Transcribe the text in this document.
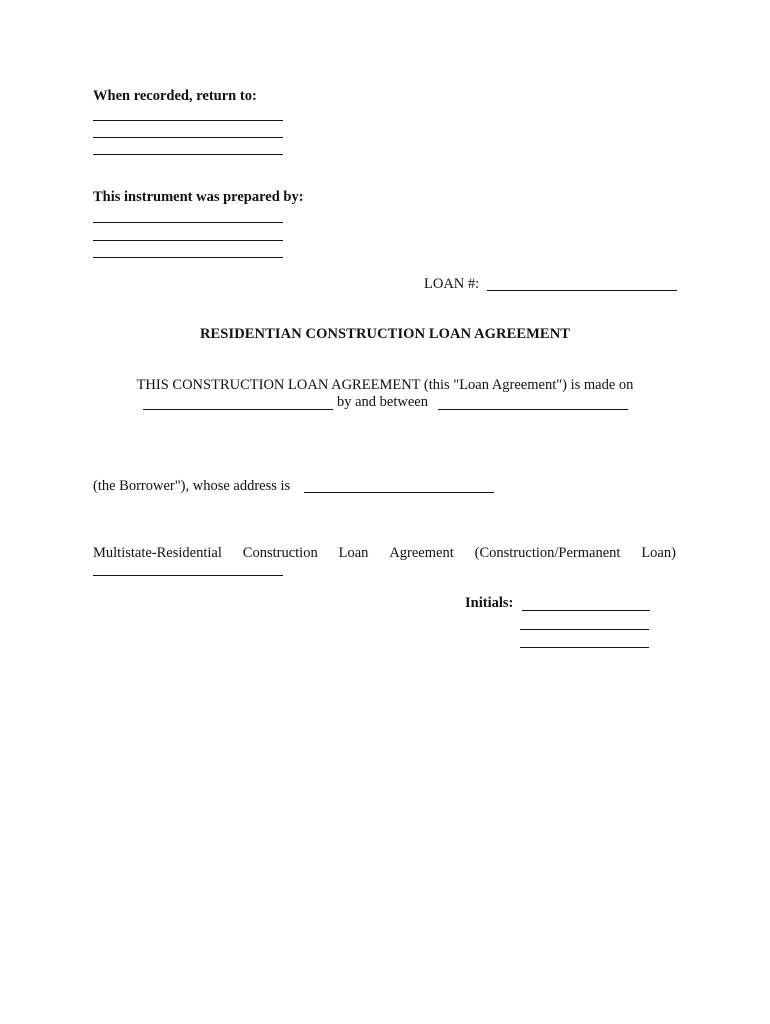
When recorded, return to:
This instrument was prepared by:
LOAN #:
RESIDENTIAN CONSTRUCTION LOAN AGREEMENT
THIS CONSTRUCTION LOAN AGREEMENT (this "Loan Agreement") is made on
by and between
(the Borrower"), whose address is
Multistate-Residential Construction Loan Agreement (Construction/Permanent Loan)
Initials:
